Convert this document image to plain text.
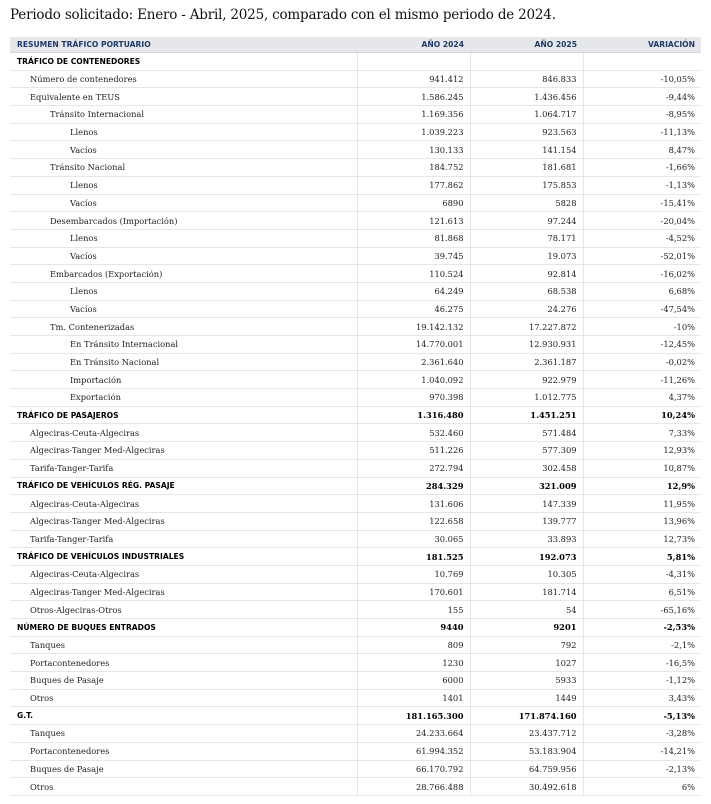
Periodo solicitado: Enero - Abril, 2025, comparado con el mismo periodo de 2024.
RESUMEN TRÁFICO PORTUARIO	AÑO 2024	AÑO 2025	VARIACIÓN
TRÁFICO DE CONTENEDORES			
Número de contenedores	941.412	846.833	-10,05%
Equivalente en TEUS	1.586.245	1.436.456	-9,44%
Tránsito Internacional	1.169.356	1.064.717	-8,95%
Llenos	1.039.223	923.563	-11,13%
Vacíos	130.133	141.154	8,47%
Tránsito Nacional	184.752	181.681	-1,66%
Llenos	177.862	175.853	-1,13%
Vacíos	6890	5828	-15,41%
Desembarcados (Importación)	121.613	97.244	-20,04%
Llenos	81.868	78.171	-4,52%
Vacíos	39.745	19.073	-52,01%
Embarcados (Exportación)	110.524	92.814	-16,02%
Llenos	64.249	68.538	6,68%
Vacíos	46.275	24.276	-47,54%
Tm. Contenerizadas	19.142.132	17.227.872	-10%
En Tránsito Internacional	14.770.001	12.930.931	-12,45%
En Tránsito Nacional	2.361.640	2.361.187	-0,02%
Importación	1.040.092	922.979	-11,26%
Exportación	970.398	1.012.775	4,37%
TRÁFICO DE PASAJEROS	1.316.480	1.451.251	10,24%
Algeciras-Ceuta-Algeciras	532.460	571.484	7,33%
Algeciras-Tanger Med-Algeciras	511.226	577.309	12,93%
Tarifa-Tanger-Tarifa	272.794	302.458	10,87%
TRÁFICO DE VEHÍCULOS RÉG. PASAJE	284.329	321.009	12,9%
Algeciras-Ceuta-Algeciras	131.606	147.339	11,95%
Algeciras-Tanger Med-Algeciras	122.658	139.777	13,96%
Tarifa-Tanger-Tarifa	30.065	33.893	12,73%
TRÁFICO DE VEHÍCULOS INDUSTRIALES	181.525	192.073	5,81%
Algeciras-Ceuta-Algeciras	10.769	10.305	-4,31%
Algeciras-Tanger Med-Algeciras	170.601	181.714	6,51%
Otros-Algeciras-Otros	155	54	-65,16%
NÚMERO DE BUQUES ENTRADOS	9440	9201	-2,53%
Tanques	809	792	-2,1%
Portacontenedores	1230	1027	-16,5%
Buques de Pasaje	6000	5933	-1,12%
Otros	1401	1449	3,43%
G.T.	181.165.300	171.874.160	-5,13%
Tanques	24.233.664	23.437.712	-3,28%
Portacontenedores	61.994.352	53.183.904	-14,21%
Buques de Pasaje	66.170.792	64.759.956	-2,13%
Otros	28.766.488	30.492.618	6%
